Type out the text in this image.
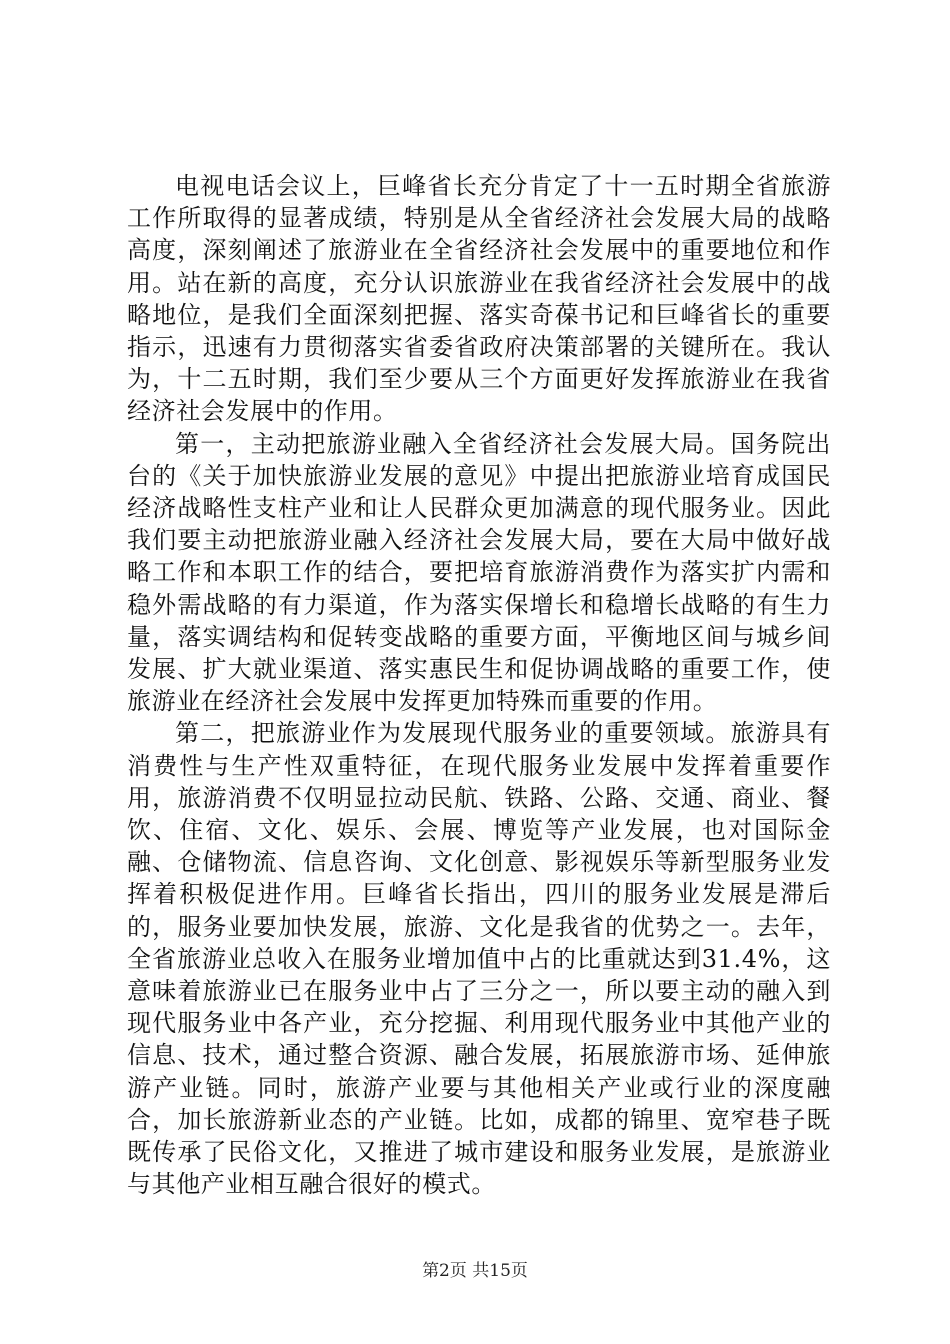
电视电话会议上，巨峰省长充分肯定了十一五时期全省旅游工作所取得的显著成绩，特别是从全省经济社会发展大局的战略高度，深刻阐述了旅游业在全省经济社会发展中的重要地位和作用。站在新的高度，充分认识旅游业在我省经济社会发展中的战略地位，是我们全面深刻把握、落实奇葆书记和巨峰省长的重要指示，迅速有力贯彻落实省委省政府决策部署的关键所在。我认为，十二五时期，我们至少要从三个方面更好发挥旅游业在我省经济社会发展中的作用。

第一，主动把旅游业融入全省经济社会发展大局。国务院出台的《关于加快旅游业发展的意见》中提出把旅游业培育成国民经济战略性支柱产业和让人民群众更加满意的现代服务业。因此我们要主动把旅游业融入经济社会发展大局，要在大局中做好战略工作和本职工作的结合，要把培育旅游消费作为落实扩内需和稳外需战略的有力渠道，作为落实保增长和稳增长战略的有生力量，落实调结构和促转变战略的重要方面，平衡地区间与城乡间发展、扩大就业渠道、落实惠民生和促协调战略的重要工作，使旅游业在经济社会发展中发挥更加特殊而重要的作用。

第二，把旅游业作为发展现代服务业的重要领域。旅游具有消费性与生产性双重特征，在现代服务业发展中发挥着重要作用，旅游消费不仅明显拉动民航、铁路、公路、交通、商业、餐饮、住宿、文化、娱乐、会展、博览等产业发展，也对国际金融、仓储物流、信息咨询、文化创意、影视娱乐等新型服务业发挥着积极促进作用。巨峰省长指出，四川的服务业发展是滞后的，服务业要加快发展，旅游、文化是我省的优势之一。去年，全省旅游业总收入在服务业增加值中占的比重就达到31.4%，这意味着旅游业已在服务业中占了三分之一，所以要主动的融入到现代服务业中各产业，充分挖掘、利用现代服务业中其他产业的信息、技术，通过整合资源、融合发展，拓展旅游市场、延伸旅游产业链。同时，旅游产业要与其他相关产业或行业的深度融合，加长旅游新业态的产业链。比如，成都的锦里、宽窄巷子既既传承了民俗文化，又推进了城市建设和服务业发展，是旅游业与其他产业相互融合很好的模式。

第2页 共15页
